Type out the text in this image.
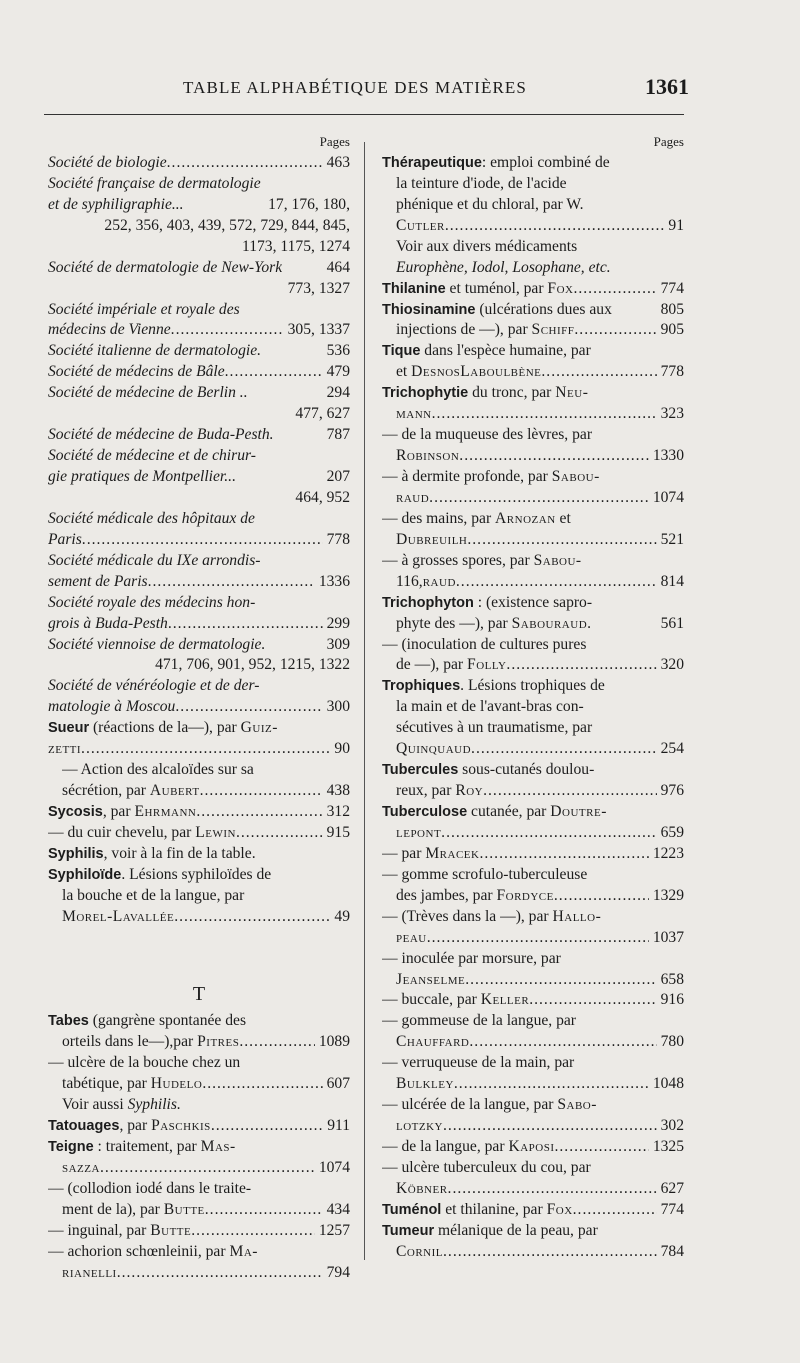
TABLE ALPHABÉTIQUE DES MATIÈRES	1361
Pages
Société de biologie .....	463
Société française de dermatologie
et de syphiligraphie...	17, 176, 180,
252, 356, 403, 439, 572, 729, 844, 845,
1173, 1175, 1274
Société de dermatologie de New-York	464
773, 1327
Société impériale et royale des
médecins de Vienne .....	305, 1337
Société italienne de dermatologie.	536
Société de médecins de Bâle .....	479
Société de médecine de Berlin ..	294
477, 627
Société de médecine de Buda-Pesth.	787
Société de médecine et de chirur-
gie pratiques de Montpellier...	207
464, 952
Société médicale des hôpitaux de
Paris .....	778
Société médicale du IXe arrondis-
sement de Paris .....	1336
Société royale des médecins hon-
grois à Buda-Pesth .....	299
Société viennoise de dermatologie.	309
471, 706, 901, 952, 1215, 1322
Société de vénéréologie et de der-
matologie à Moscou .....	300
Sueur (réactions de la—), par Guiz-
zetti .....	90
— Action des alcaloïdes sur sa
sécrétion, par Aubert .....	438
Sycosis, par Ehrmann .....	312
— du cuir chevelu, par Lewin .....	915
Syphilis, voir à la fin de la table.
Syphiloïde. Lésions syphiloïdes de
la bouche et de la langue, par
Morel-Lavallée .....	49
T
Tabes (gangrène spontanée des
orteils dans le—),par Pitres .....	1089
— ulcère de la bouche chez un
tabétique, par Hudelo .....	607
Voir aussi Syphilis.
Tatouages, par Paschkis .....	911
Teigne : traitement, par Mas-
sazza .....	1074
— (collodion iodé dans le traite-
ment de la), par Butte .....	434
— inguinal, par Butte .....	1257
— achorion schœnleinii, par Ma-
rianelli .....	794
Pages
Thérapeutique: emploi combiné de
la teinture d'iode, de l'acide
phénique et du chloral, par W.
Cutler .....	91
Voir aux divers médicaments
Europhène, Iodol, Losophane, etc.
Thilanine et tuménol, par Fox .....	774
Thiosinamine (ulcérations dues aux	805
injections de —), par Schiff .....	905
Tique dans l'espèce humaine, par
et DesnosLaboulbène .....	778
Trichophytie du tronc, par Neu-
mann .....	323
— de la muqueuse des lèvres, par
Robinson .....	1330
— à dermite profonde, par Sabou-
raud .....	1074
— des mains, par Arnozan et
Dubreuilh .....	521
— à grosses spores, par Sabou-
116,raud .....	814
Trichophyton : (existence sapro-
phyte des —), par Sabouraud.	561
— (inoculation de cultures pures
de —), par Folly .....	320
Trophiques. Lésions trophiques de
la main et de l'avant-bras con-
sécutives à un traumatisme, par
Quinquaud .....	254
Tubercules sous-cutanés doulou-
reux, par Roy .....	976
Tuberculose cutanée, par Doutre-
lepont .....	659
— par Mracek .....	1223
— gomme scrofulo-tuberculeuse
des jambes, par Fordyce .....	1329
— (Trèves dans la —), par Hallo-
peau .....	1037
— inoculée par morsure, par
Jeanselme .....	658
— buccale, par Keller .....	916
— gommeuse de la langue, par
Chauffard .....	780
— verruqueuse de la main, par
Bulkley .....	1048
— ulcérée de la langue, par Sabo-
lotzky .....	302
— de la langue, par Kaposi .....	1325
— ulcère tuberculeux du cou, par
Köbner .....	627
Tuménol et thilanine, par Fox .....	774
Tumeur mélanique de la peau, par
Cornil .....	784
